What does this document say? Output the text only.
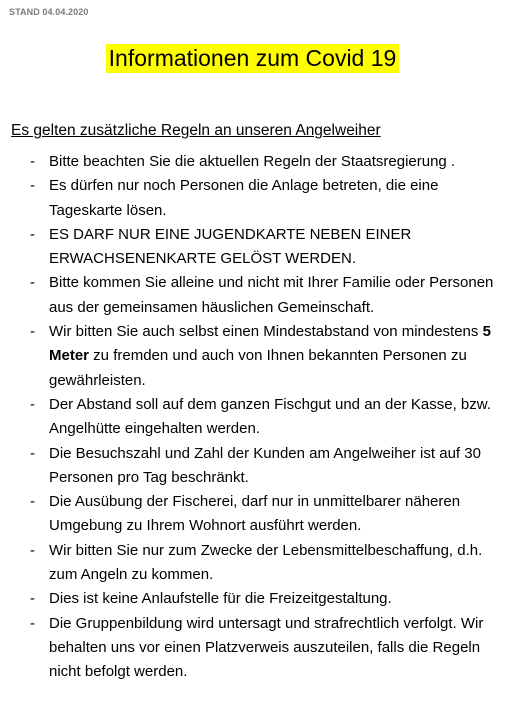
STAND 04.04.2020
Informationen zum Covid 19
Es gelten zusätzliche Regeln an unseren Angelweiher
- Bitte beachten Sie die aktuellen Regeln der Staatsregierung .
- Es dürfen nur noch Personen die Anlage betreten, die eine Tageskarte lösen.
- ES DARF NUR EINE JUGENDKARTE NEBEN EINER ERWACHSENENKARTE GELÖST WERDEN.
- Bitte kommen Sie alleine und nicht mit Ihrer Familie oder Personen aus der gemeinsamen häuslichen Gemeinschaft.
- Wir bitten Sie auch selbst einen Mindestabstand von mindestens 5 Meter zu fremden und auch von Ihnen bekannten Personen zu gewährleisten.
- Der Abstand soll auf dem ganzen Fischgut und an der Kasse, bzw. Angelhütte eingehalten werden.
- Die Besuchszahl und Zahl der Kunden am Angelweiher ist auf 30 Personen pro Tag beschränkt.
- Die Ausübung der Fischerei, darf nur in unmittelbarer näheren Umgebung zu Ihrem Wohnort ausführt werden.
- Wir bitten Sie nur zum Zwecke der Lebensmittelbeschaffung, d.h. zum Angeln zu kommen.
- Dies ist keine Anlaufstelle für die Freizeitgestaltung.
- Die Gruppenbildung wird untersagt und strafrechtlich verfolgt. Wir behalten uns vor einen Platzverweis auszuteilen, falls die Regeln nicht befolgt werden.
